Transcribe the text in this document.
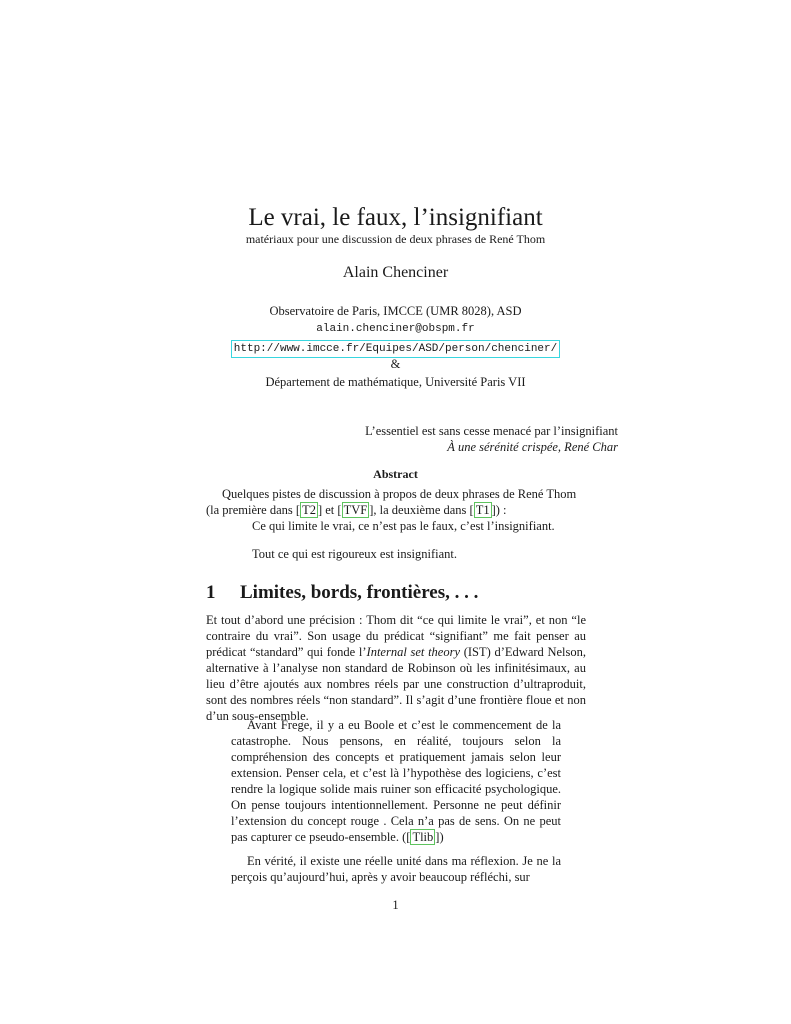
Le vrai, le faux, l’insignifiant
matériaux pour une discussion de deux phrases de René Thom
Alain Chenciner
Observatoire de Paris, IMCCE (UMR 8028), ASD
alain.chenciner@obspm.fr
http://www.imcce.fr/Equipes/ASD/person/chenciner/
&
Département de mathématique, Université Paris VII
L’essentiel est sans cesse menacé par l’insignifiant
À une sérénité crispée, René Char
Abstract

Quelques pistes de discussion à propos de deux phrases de René Thom (la première dans [ T2 ] et [ TVF ], la deuxième dans [ T1 ]) :

Ce qui limite le vrai, ce n’est pas le faux, c’est l’insignifiant.
Tout ce qui est rigoureux est insignifiant.
1 Limites, bords, frontières, . . .

Et tout d’abord une précision : Thom dit “ce qui limite le vrai”, et non “le contraire du vrai”. Son usage du prédicat “signifiant” me fait penser au prédicat “standard” qui fonde l’Internal set theory (IST) d’Edward Nelson, alternative à l’analyse non standard de Robinson où les infinitésimaux, au lieu d’être ajoutés aux nombres réels par une construction d’ultraproduit, sont des nombres réels “non standard”. Il s’agit d’une frontière floue et non d’un sous-ensemble.

Avant Frege, il y a eu Boole et c’est le commencement de la catastrophe. Nous pensons, en réalité, toujours selon la compréhension des concepts et pratiquement jamais selon leur extension. Penser cela, et c’est là l’hypothèse des logiciens, c’est rendre la logique solide mais ruiner son efficacité psychologique. On pense toujours intentionnellement. Personne ne peut définir l’extension du concept rouge . Cela n’a pas de sens. On ne peut pas capturer ce pseudo-ensemble. ([ Tlib ])

En vérité, il existe une réelle unité dans ma réflexion. Je ne la perçois qu’aujourd’hui, après y avoir beaucoup réfléchi, sur

1
